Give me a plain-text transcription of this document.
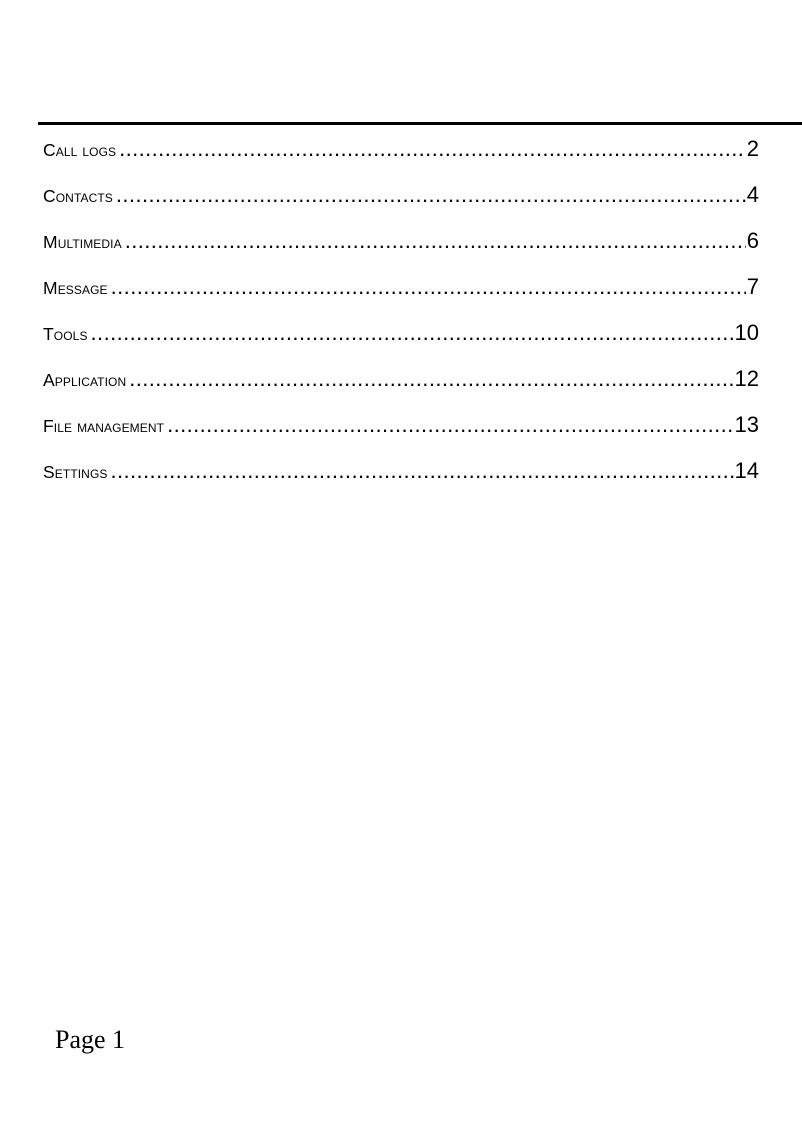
Call logs .....	2
Contacts .....	4
Multimedia .....	6
Message .....	7
Tools .....	10
Application .....	12
File management .....	13
Settings .....	14
Page 1
